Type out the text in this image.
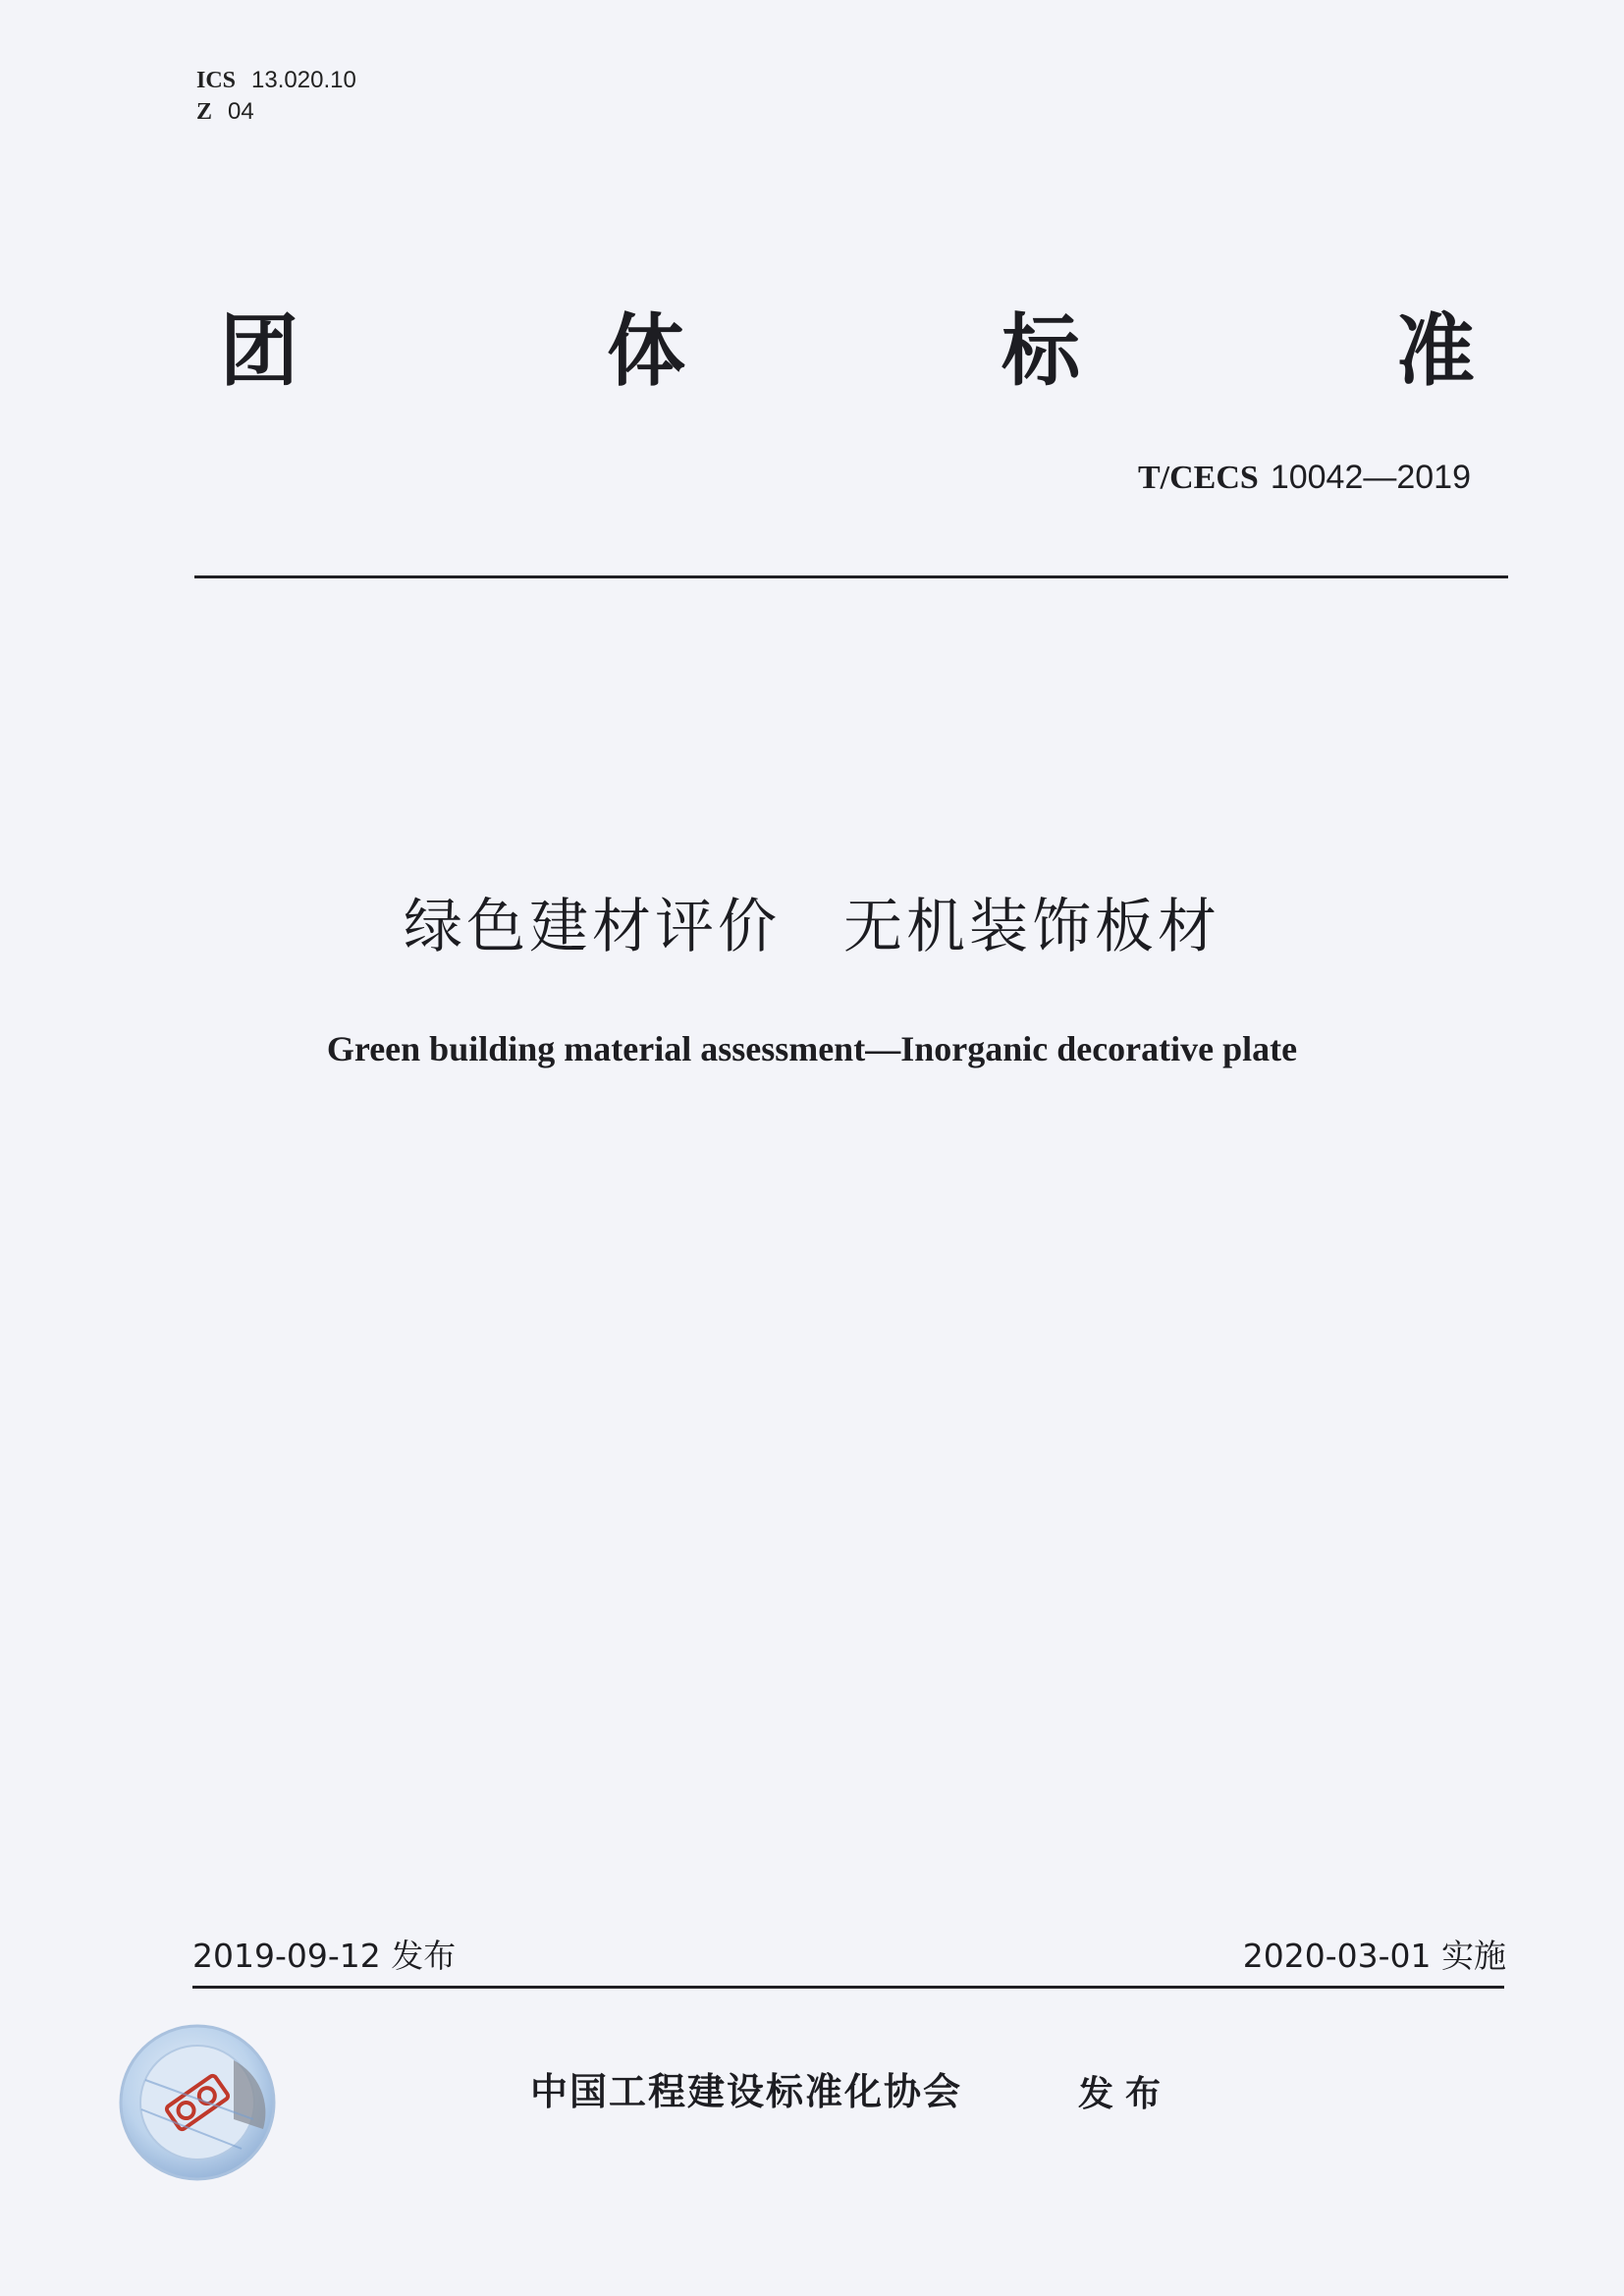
ICS 13.020.10
Z 04
团	体	标	准
T/CECS 10042—2019
绿色建材评价　无机装饰板材
Green building material assessment—Inorganic decorative plate
2019-09-12 发布	2020-03-01 实施
中国工程建设标准化协会	发布
